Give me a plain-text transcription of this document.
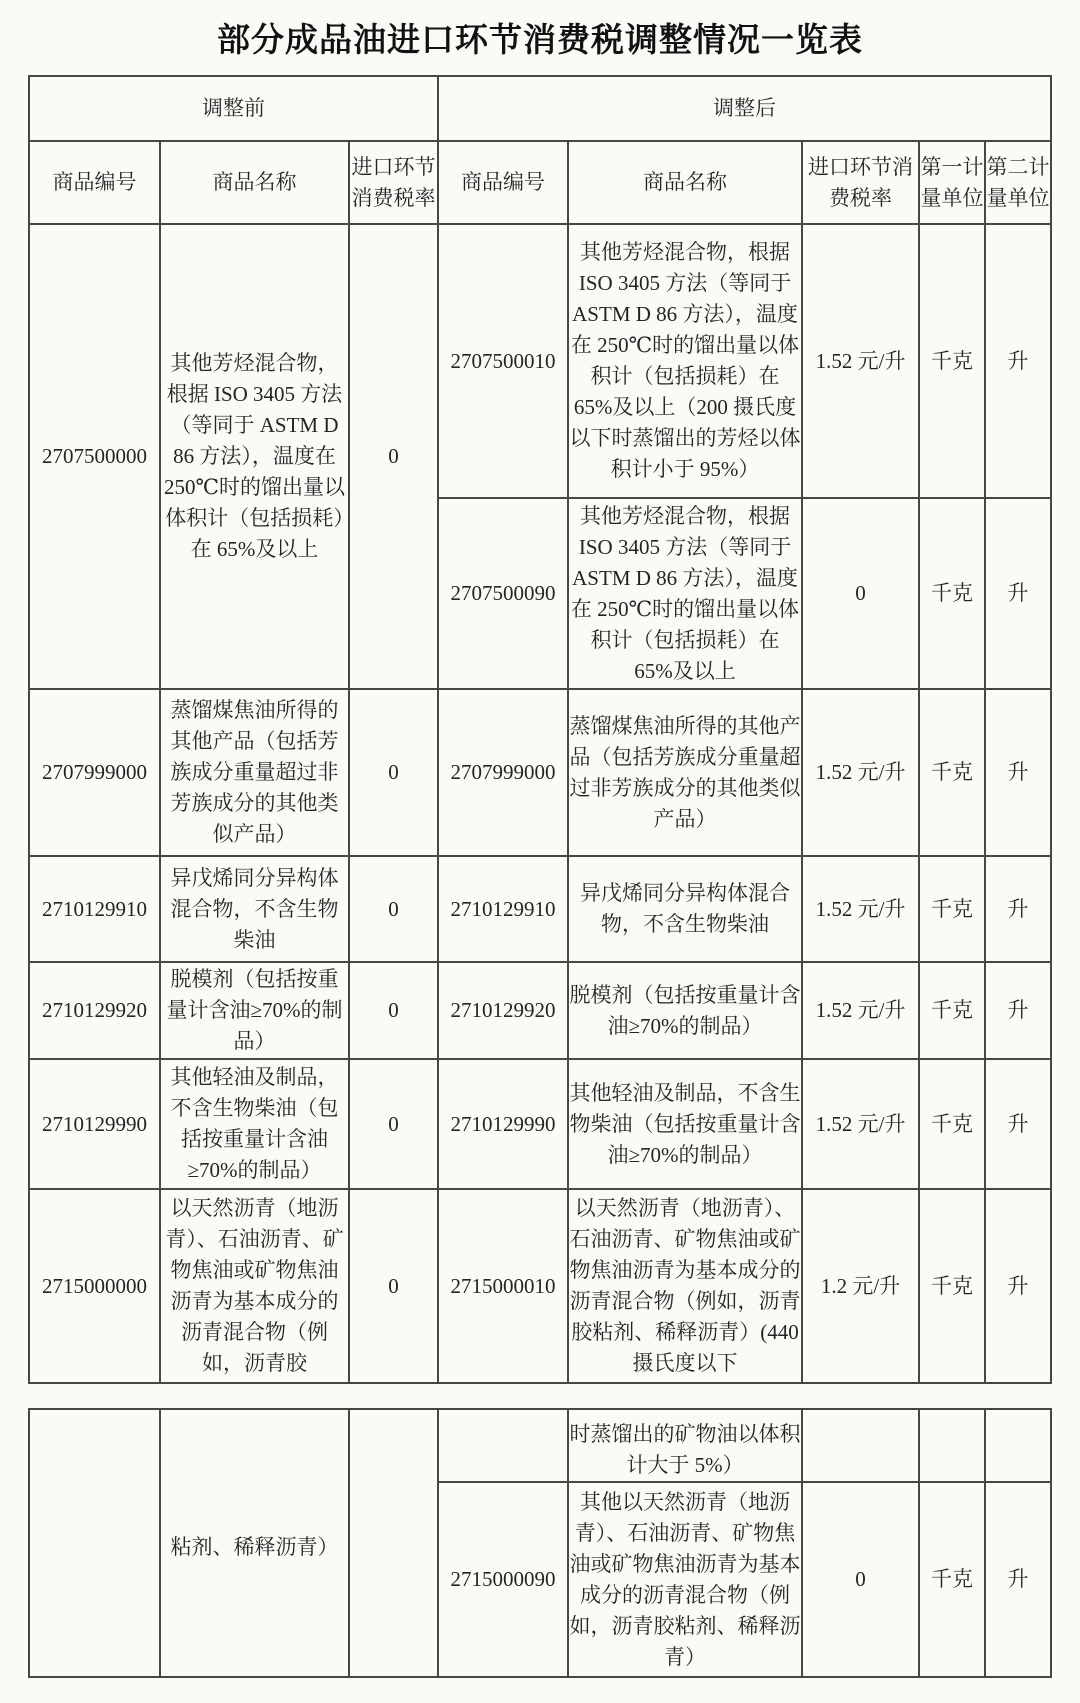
部分成品油进口环节消费税调整情况一览表
调整前			调整后				
商品编号	商品名称	进口环节消费税率	商品编号	商品名称	进口环节消费税率	第一计量单位	第二计量单位
2707500000	其他芳烃混合物，根据 ISO 3405 方法（等同于 ASTM D 86 方法），温度在 250℃时的馏出量以体积计（包括损耗）在 65%及以上	0	2707500010	其他芳烃混合物，根据 ISO 3405 方法（等同于 ASTM D 86 方法），温度在 250℃时的馏出量以体积计（包括损耗）在 65%及以上（200 摄氏度以下时蒸馏出的芳烃以体积计小于 95%）	1.52 元/升	千克	升
			2707500090	其他芳烃混合物，根据 ISO 3405 方法（等同于 ASTM D 86 方法），温度在 250℃时的馏出量以体积计（包括损耗）在 65%及以上	0	千克	升
2707999000	蒸馏煤焦油所得的其他产品（包括芳族成分重量超过非芳族成分的其他类似产品）	0	2707999000	蒸馏煤焦油所得的其他产品（包括芳族成分重量超过非芳族成分的其他类似产品）	1.52 元/升	千克	升
2710129910	异戊烯同分异构体混合物，不含生物柴油	0	2710129910	异戊烯同分异构体混合物，不含生物柴油	1.52 元/升	千克	升
2710129920	脱模剂（包括按重量计含油≥70%的制品）	0	2710129920	脱模剂（包括按重量计含油≥70%的制品）	1.52 元/升	千克	升
2710129990	其他轻油及制品，不含生物柴油（包括按重量计含油≥70%的制品）	0	2710129990	其他轻油及制品，不含生物柴油（包括按重量计含油≥70%的制品）	1.52 元/升	千克	升
2715000000	以天然沥青（地沥青）、石油沥青、矿物焦油或矿物焦油沥青为基本成分的沥青混合物（例如，沥青胶	0	2715000010	以天然沥青（地沥青）、石油沥青、矿物焦油或矿物焦油沥青为基本成分的沥青混合物（例如，沥青胶粘剂、稀释沥青）(440 摄氏度以下	1.2 元/升	千克	升
	粘剂、稀释沥青）			时蒸馏出的矿物油以体积计大于 5%）			
			2715000090	其他以天然沥青（地沥青）、石油沥青、矿物焦油或矿物焦油沥青为基本成分的沥青混合物（例如，沥青胶粘剂、稀释沥青）	0	千克	升
